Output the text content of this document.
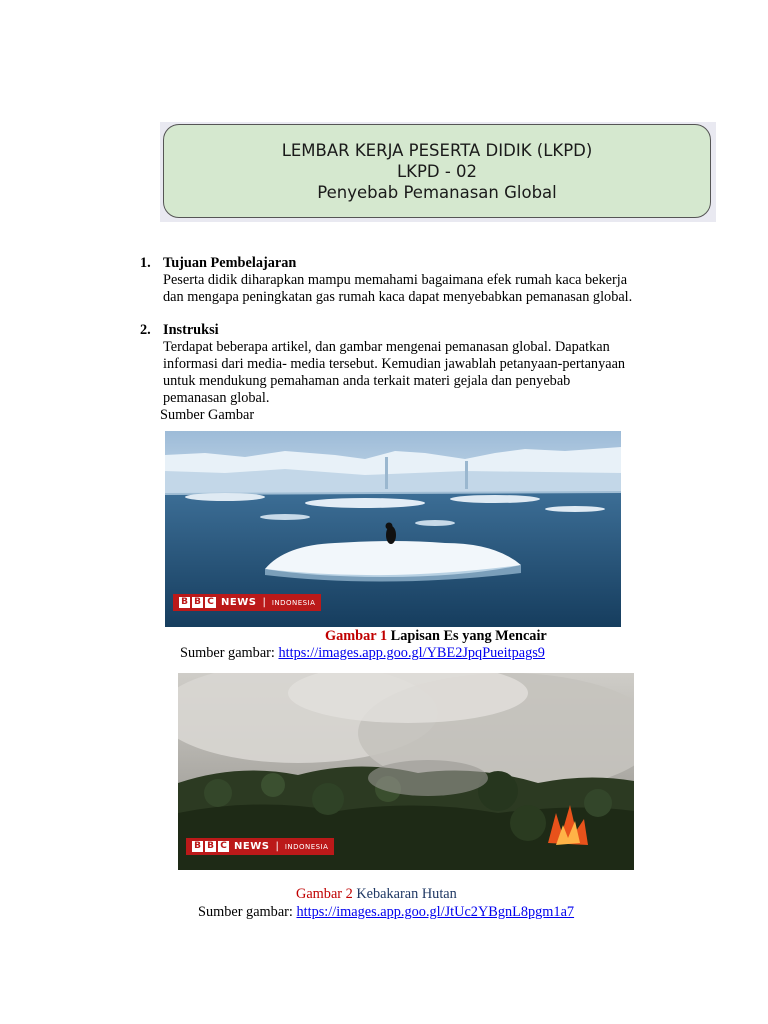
LEMBAR KERJA PESERTA DIDIK (LKPD)
LKPD - 02
Penyebab Pemanasan Global
1. Tujuan Pembelajaran

Peserta didik diharapkan mampu memahami bagaimana efek rumah kaca bekerja

dan mengapa peningkatan gas rumah kaca dapat menyebabkan pemanasan global.

2. Instruksi

Terdapat beberapa artikel, dan gambar mengenai pemanasan global. Dapatkan

informasi dari media- media tersebut. Kemudian jawablah petanyaan-pertanyaan

untuk mendukung pemahaman anda terkait materi gejala dan penyebab

pemanasan global.

Sumber Gambar

B B C NEWS | INDONESIA
Gambar 1 Lapisan Es yang Mencair
Sumber gambar: https://images.app.goo.gl/YBE2JpqPueitpags9
B B C NEWS | INDONESIA
Gambar 2 Kebakaran Hutan
Sumber gambar: https://images.app.goo.gl/JtUc2YBgnL8pgm1a7
